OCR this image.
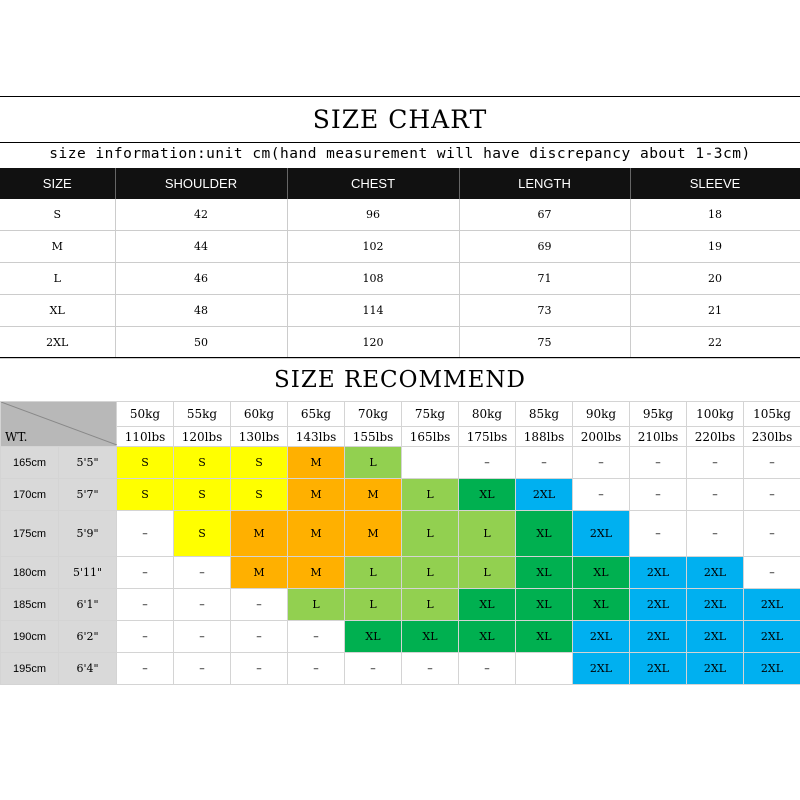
SIZE CHART
size information:unit cm(hand measurement will have discrepancy about 1-3cm)
SIZE	SHOULDER	CHEST	LENGTH	SLEEVE
S	42	96	67	18
M	44	102	69	19
L	46	108	71	20
XL	48	114	73	21
2XL	50	120	75	22
SIZE RECOMMEND
WT.		50kg	55kg	60kg	65kg	70kg	75kg	80kg	85kg	90kg	95kg	100kg	105kg
		110lbs	120lbs	130lbs	143lbs	155lbs	165lbs	175lbs	188lbs	200lbs	210lbs	220lbs	230lbs
165cm	5'5"	S	S	S	M	L		–	–	–	–	–	–
170cm	5'7"	S	S	S	M	M	L	XL	2XL	–	–	–	–
175cm	5'9"	–	S	M	M	M	L	L	XL	2XL	–	–	–
180cm	5'11"	–	–	M	M	L	L	L	XL	XL	2XL	2XL	–
185cm	6'1"	–	–	–	L	L	L	XL	XL	XL	2XL	2XL	2XL
190cm	6'2"	–	–	–	–	XL	XL	XL	XL	2XL	2XL	2XL	2XL
195cm	6'4"	–	–	–	–	–	–	–		2XL	2XL	2XL	2XL
